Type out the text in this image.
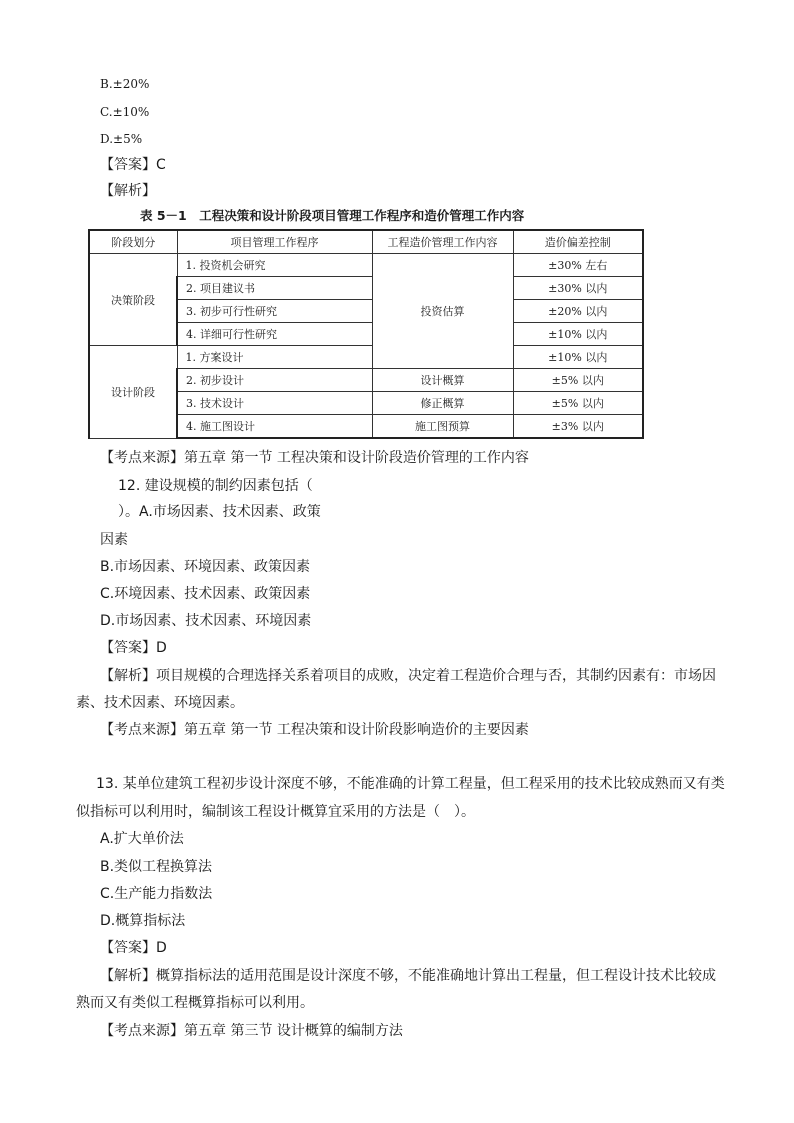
B.±20%
C.±10%
D.±5%
【答案】C
【解析】
表 5－1　工程决策和设计阶段项目管理工作程序和造价管理工作内容
阶段划分	项目管理工作程序	工程造价管理工作内容	造价偏差控制
决策阶段	1. 投资机会研究	投资估算	±30% 左右
	2. 项目建议书		±30% 以内
	3. 初步可行性研究		±20% 以内
	4. 详细可行性研究		±10% 以内
设计阶段	1. 方案设计		±10% 以内
	2. 初步设计	设计概算	±5% 以内
	3. 技术设计	修正概算	±5% 以内
	4. 施工图设计	施工图预算	±3% 以内
【考点来源】第五章 第一节 工程决策和设计阶段造价管理的工作内容
12. 建设规模的制约因素包括（
）。A.市场因素、技术因素、政策
因素
B.市场因素、环境因素、政策因素
C.环境因素、技术因素、政策因素
D.市场因素、技术因素、环境因素
【答案】D
【解析】项目规模的合理选择关系着项目的成败，决定着工程造价合理与否，其制约因素有：市场因
素、技术因素、环境因素。
【考点来源】第五章 第一节 工程决策和设计阶段影响造价的主要因素
13. 某单位建筑工程初步设计深度不够，不能准确的计算工程量，但工程采用的技术比较成熟而又有类
似指标可以利用时，编制该工程设计概算宜采用的方法是（　）。
A.扩大单价法
B.类似工程换算法
C.生产能力指数法
D.概算指标法
【答案】D
【解析】概算指标法的适用范围是设计深度不够，不能准确地计算出工程量，但工程设计技术比较成
熟而又有类似工程概算指标可以利用。
【考点来源】第五章 第三节 设计概算的编制方法
